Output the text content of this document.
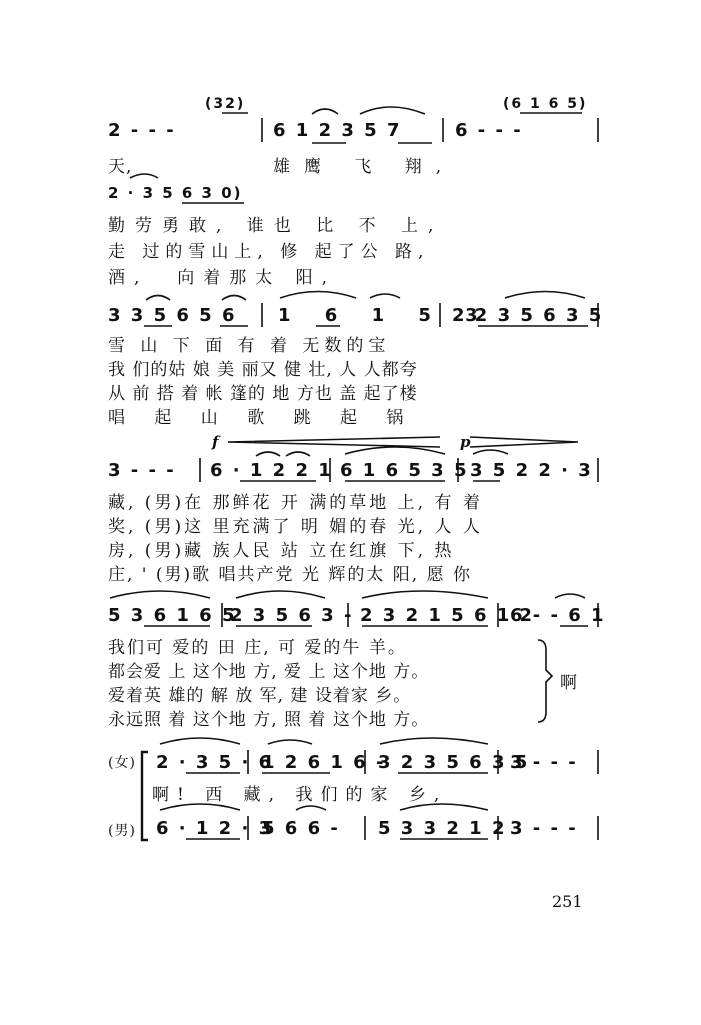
(32)	(6 1 6 5)
2 - - -	6 1 2 3 5 7	6 - - -
天,	雄鹰 飞 翔,
2 · 3 5 6 3 0)
勤劳勇敢, 谁也 比 不 上,
走 过的雪山上, 修 起了公 路,
酒,  向着那太 阳,
3 3 5 6 5 6 1 6 1 5 3
2 2 3 5 6 3 5
雪 山 下 面 有 着 无数的宝
我 们的姑 娘 美 丽又 健 壮, 人 人都夸
从 前 搭 着 帐 篷的 地 方也 盖 起了楼
唱 起 山 歌 跳 起 锅
f	p
3 - - - 6 · 1 2 2 1 6 1 6 5 3 5 3 5 2 2 · 3
藏, (男)在 那鲜花 开 满的草地 上, 有 着
奖, (男)这 里充满了 明 媚的春 光, 人 人
房, (男)藏 族人民 站 立在红旗 下, 热
庄, ' (男)歌 唱共产党 光 辉的太 阳, 愿 你
5 3 6 1 6 5
2 3 5 6 3 - 2 3 2 1 5 6 1 2
6 - - 6 1
我们可 爱的 田 庄, 可 爱的牛 羊。
都会爱 上 这个地 方, 爱 上 这个地 方。
爱着英 雄的 解 放 军, 建 设着家 乡。
永远照 着 这个地 方, 照 着 这个地 方。
啊
(女) 2 · 3 5 · 6
1 2 6 1 6 -
3 2 3 5 6 3 5
3 - - -
啊! 西 藏, 我们的家 乡,
(男) 6 · 1 2 · 3
5 6 6 - 5 3 3 2 1 2 3 - - -
251
